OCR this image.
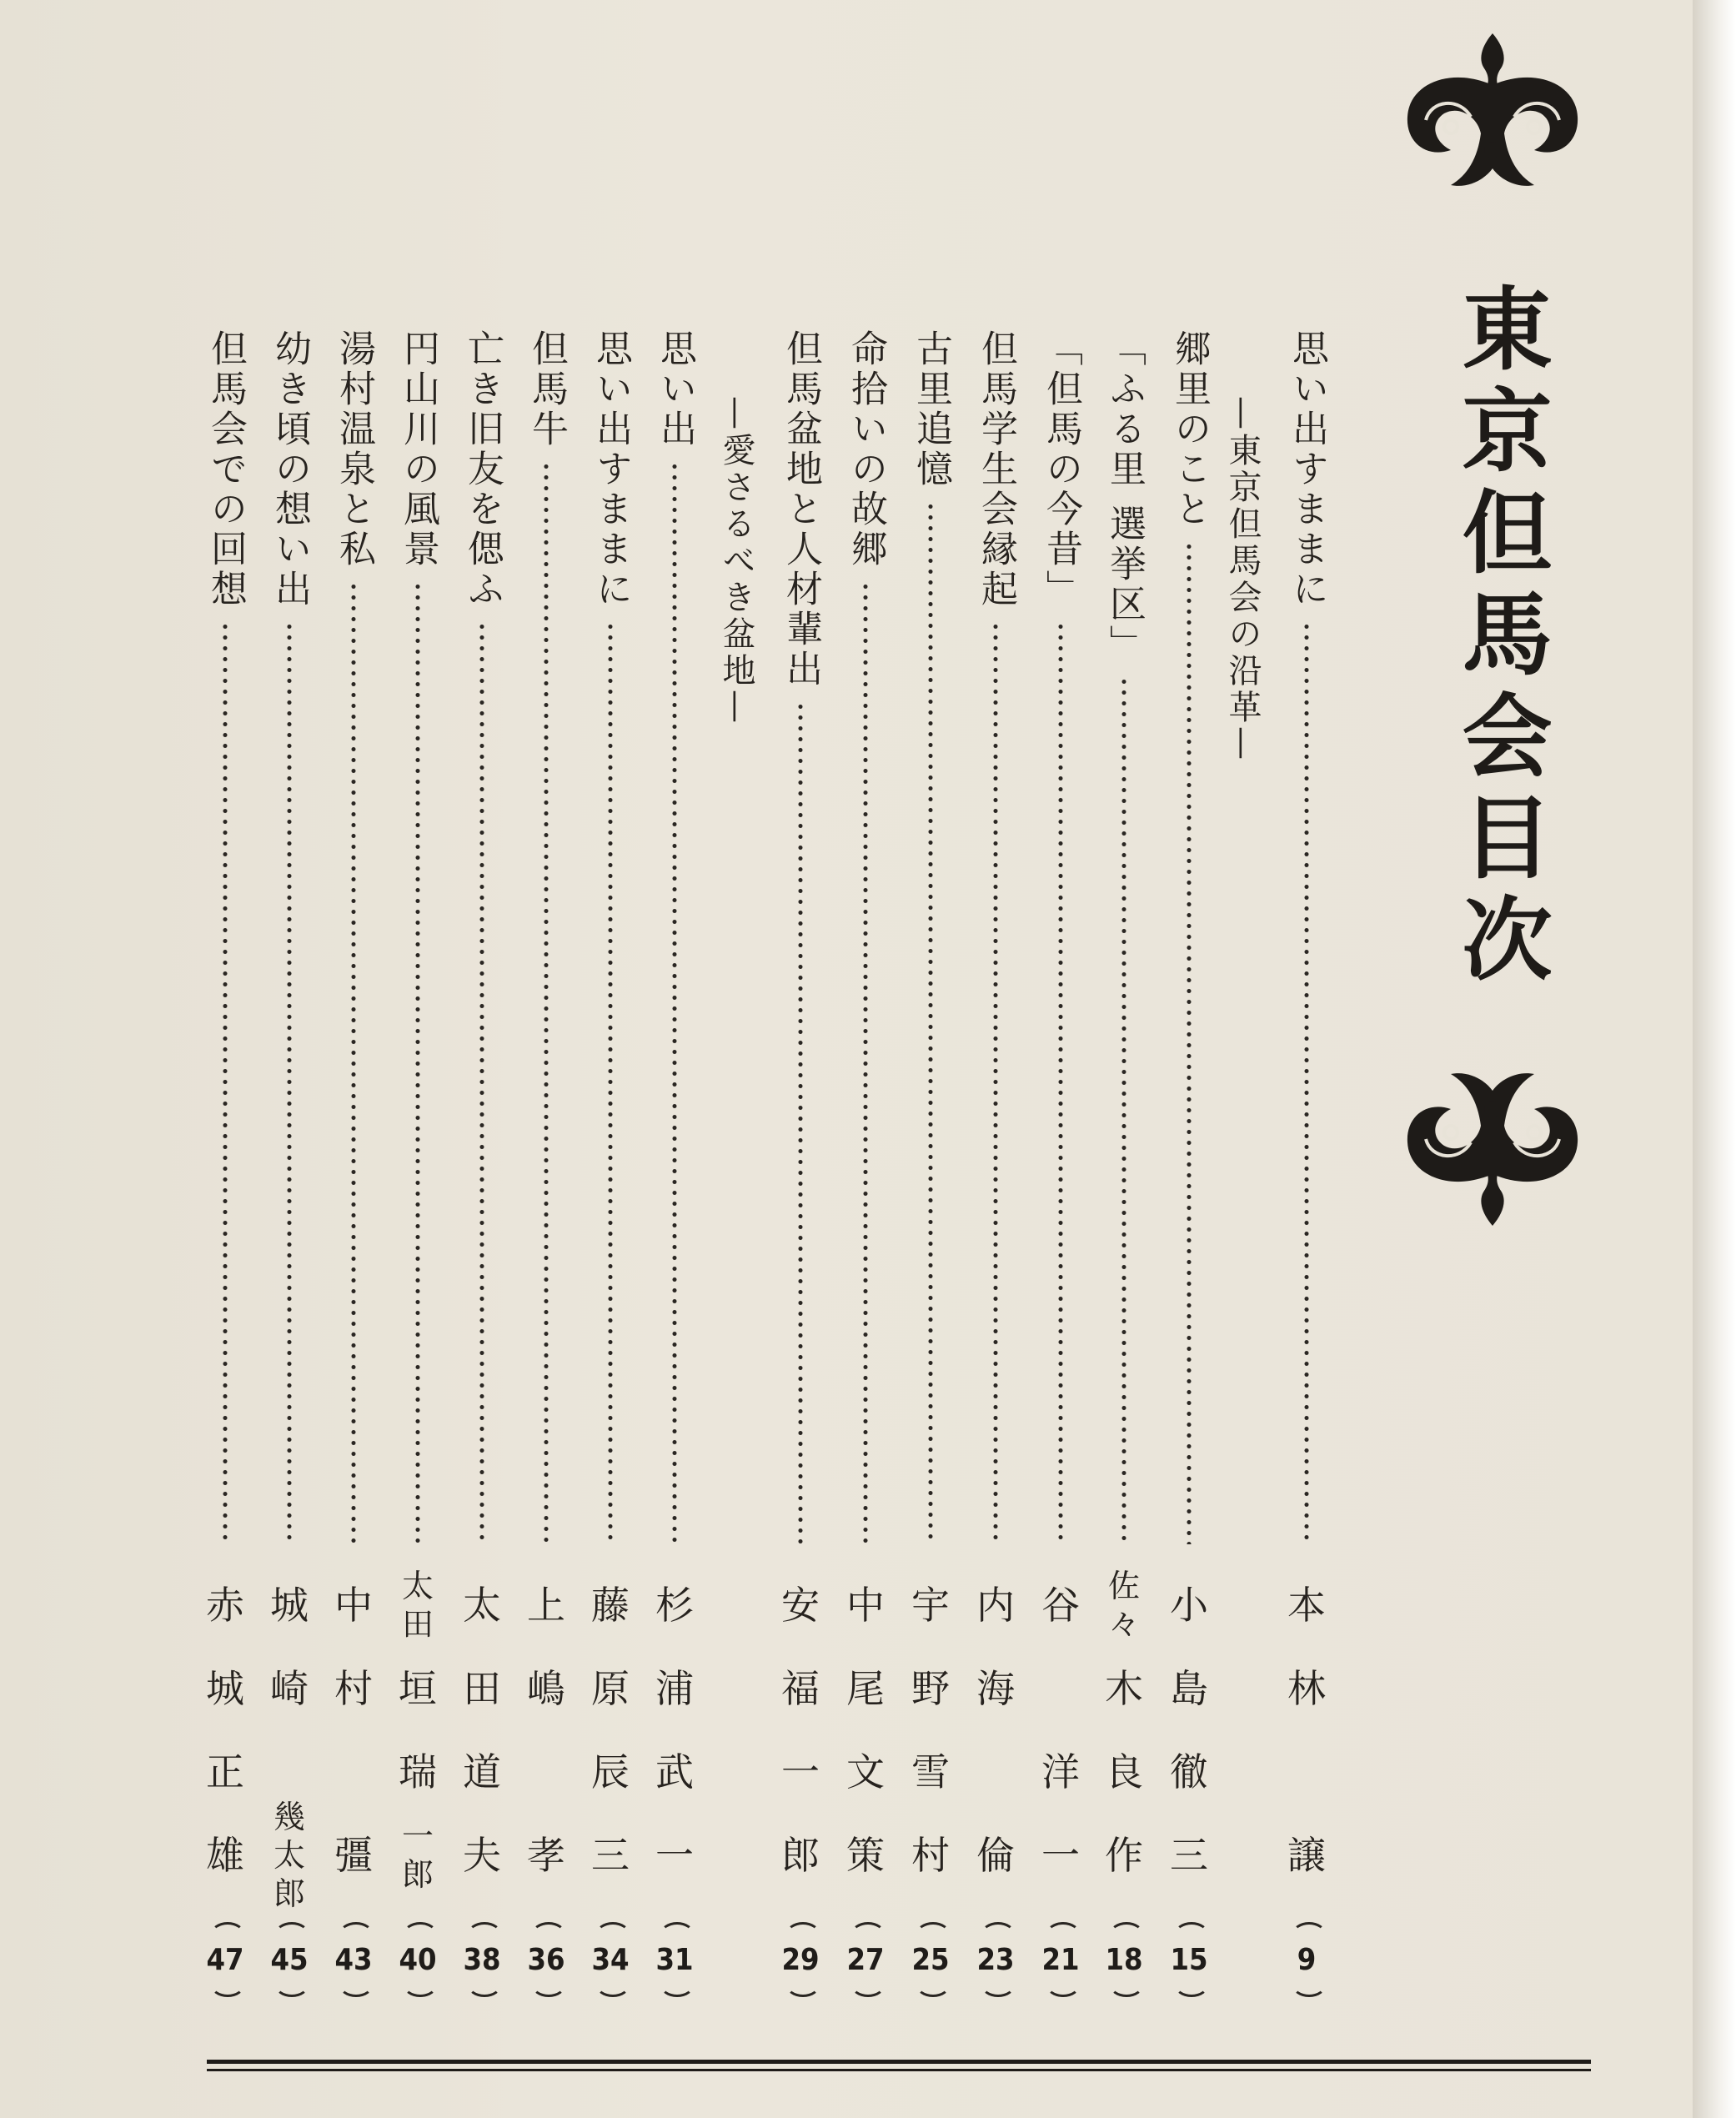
東京但馬会目次
思い出すままに
本
林
譲
9
—東京但馬会の沿革—
郷里のこと
小
島
徹
三
15
「ふる里 選挙区」
佐
々
木
良
作
18
「但馬の今昔」
谷
洋
一
21
但馬学生会縁起
内
海
倫
23
古里追憶
宇
野
雪
村
25
命拾いの故郷
中
尾
文
策
27
但馬盆地と人材輩出
安
福
一
郎
29
—愛さるべき盆地—
思い出
杉
浦
武
一
31
思い出すままに
藤
原
辰
三
34
但馬牛
上
嶋
孝
36
亡き旧友を偲ふ
太
田
道
夫
38
円山川の風景
太
田
垣
瑞
一
郎
40
湯村温泉と私
中
村
彊
43
幼き頃の想い出
城
崎
幾
太
郎
45
但馬会での回想
赤
城
正
雄
47
